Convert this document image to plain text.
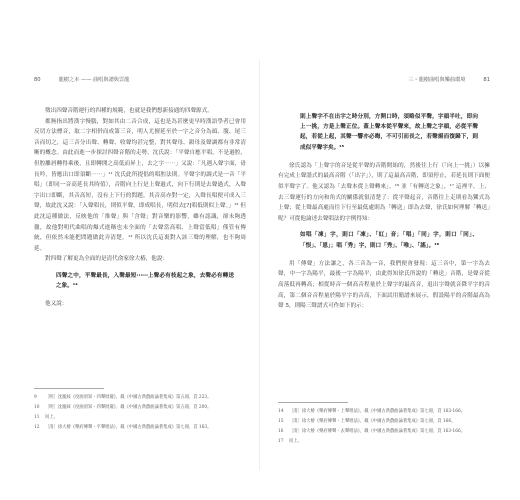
80	龍樹之本 —— 曲唱與譜與雲龍

徵出四聲音階運行的四種的規範，也就是我們想新接通的四聲源式。

都無指出將漢字慢腦，對如其由二音合成，這也是為甚麼更早時漢語學者已會用反切方法標音，取二字相併而成第三音，明人尤擅延至於一字之音分為頭、腹、尾三音而切之，這三音分出聲、轉聲、收聲均甚完整，對其聲母、韻母及聲調都有非常清晰的概念。由此而進一步探討四聲音階的走勢，沈氏說：「平聲自應平唱，不是過腔，但腔離唇轉得乘後，且即轉開之高低而昇上，去之字⋯⋯」又說：「凡遇入聲字面，毋長吟，皆應出口即須斷⋯⋯」¹¹ 沈氏此所提倡的唱腔法則。平聲字的調式是一音「平唱」（即同一音高延長其時值），音階向上行是上聲過式，向下行則是去聲過式，入聲字出口即斷，其音高短，沒有上下行的問題。其音高亦對一定，入聲長唱便可成入三聲，故此沈又說：「入聲唱長，則似平聲，即成唱長，明似去[?]唱低則似上聲。」¹² 但此沈這種做法，反映他的「推聲」與「含聲」對音樂的影響，雖有認識，卻未夠透徹，故他對明代曲唱的爆式進稱也未全面的「去聲當高唱、上聲當低唱」僅管有傳統，但依然未能把問題做此弄清楚。¹³ 所以沈氏這裏對入該三聲的理解，也不夠周延。

對四聲了解更為全面的是清代俞家徐大椿，他說：

四聲之中，平聲最長，入聲最短⋯⋯上聲必有枝起之象，去聲必有轉送之象。¹⁴

他又說：

9 ［明］沈寵綏《度曲須知・四聲批窺》，載《中國古典戲曲論著集成》第五冊，頁 223。
10 ［明］沈寵綏《度曲須知・四聲批窺》，載《中國古典戲曲論著集成》第五冊，頁 200。
11 同上。
12 ［清］徐大椿《樂府傳聲・平聲唱法》，載《中國古典戲曲論著集成》第七冊，頁 163。
三・龍樹曲唱與樂曲環境	81
則上聲字不在出字之時分別，方開口時，須略似平聲，字頭半吐，即向上一挑，方是上聲正位。蓋上聲本從平聲來，故上聲之字頭，必從平聲起，若從上起，其聲一響亦必晦，不可引而長之，若聲揚而復歸下，則成似平聲字矣。¹⁵

徐氏認為「上聲字的音是從平聲的音階開始的，然後往上行（「向上一挑」）以擁有完成上聲諧式的最高音階（「出字」），則了這最高音階，即須停止，若延長則下面便似平聲字了。他又認為「去聲本從上聲轉來」，¹⁶ 並「有轉送之象」，¹⁷ 這裡平、上、去三聲運行的方向和角式的關係就很清楚了：從平聲起音，音階往上走則看為鸞式為上聲；從上聲最高處而往下行至最低處則為「轉送」即為去聲，徐氏如何理解「轉送」呢？可從他論述去聲唱法的字例得知：

如唱「凍」字，則口「凍」、「紅」音；「唱」「同」字，則口「同」、「恨」、「恩」；唱「秀」字，則口「秀」、「唯」、「謠」。¹⁸

用「傳聲」方法讓之，各三音為一音，我們便會發現：這三音中，第一字為去聲，中一字為陽平，最後一字為陽平，由此得知徐氏所說的「轉送」音階，是聲音從高落低再轉高；相從時音一個高音程量於上聲字的最高音，退出字聲就音降平字的音高，第二個音音程量於陽平字的音高，下面試用簡譜來展示，假設陽平的音階最高為聲 5，則陽三聲譜式可作如下的示：

14 ［清］徐大椿《樂府傳聲・上聲唱法》，載《中國古典戲曲論著集成》第七冊，頁 163-166。
15 ［清］徐大椿《樂府傳聲・上聲唱法》，載《中國古典戲曲論著集成》第七冊，頁 166。
16 ［清］徐大椿《樂府傳聲・去聲唱法》，載《中國古典戲曲論著集成》第七冊，頁 163-166。
17 同上。
